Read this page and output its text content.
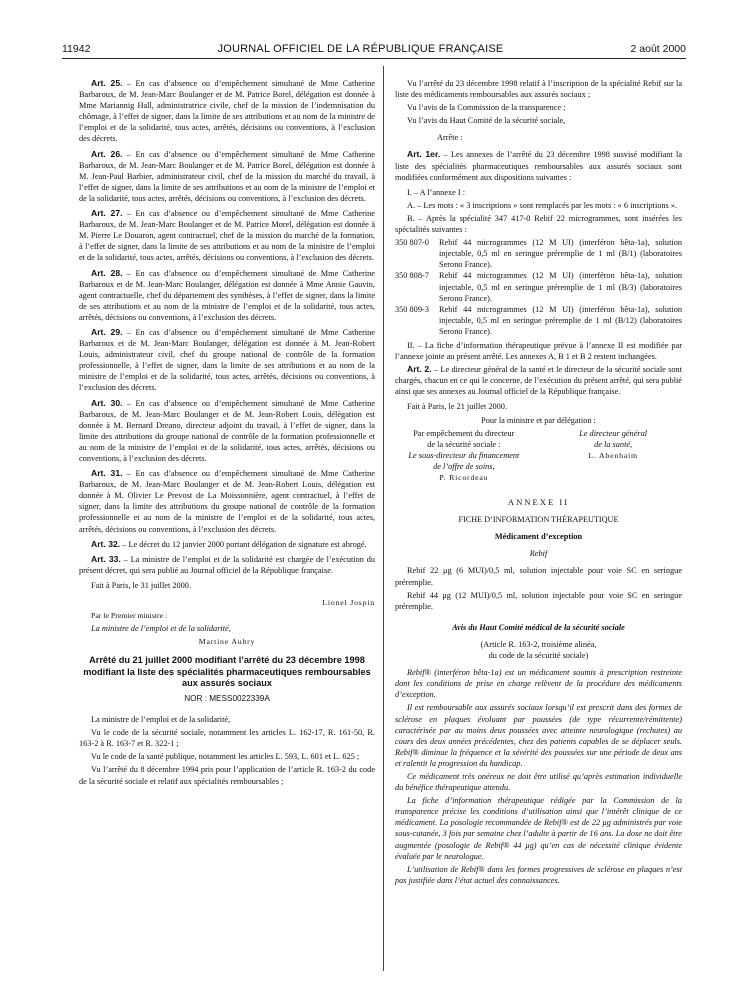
11942	JOURNAL OFFICIEL DE LA RÉPUBLIQUE FRANÇAISE	2 août 2000

Art. 25. – En cas d’absence ou d’empêchement simultané de Mme Catherine Barbaroux, de M. Jean-Marc Boulanger et de M. Patrice Borel, délégation est donnée à Mme Mariannig Hall, administratrice civile, chef de la mission de l’indemnisation du chômage, à l’effet de signer, dans la limite de ses attributions et au nom de la ministre de l’emploi et de la solidarité, tous actes, arrêtés, décisions ou conventions, à l’exclusion des décrets.

Art. 26. – En cas d’absence ou d’empêchement simultané de Mme Catherine Barbaroux, de M. Jean-Marc Boulanger et de M. Patrice Borel, délégation est donnée à M. Jean-Paul Barbier, administrateur civil, chef de la mission du marché du travail, à l’effet de signer, dans la limite de ses attributions et au nom de la ministre de l’emploi et de la solidarité, tous actes, arrêtés, décisions ou conventions, à l’exclusion des décrets.

Art. 27. – En cas d’absence ou d’empêchement simultané de Mme Catherine Barbaroux, de M. Jean-Marc Boulanger et de M. Patrice Morel, délégation est donnée à M. Pierre Le Douaron, agent contractuel, chef de la mission du marché de la formation, à l’effet de signer, dans la limite de ses attributions et au nom de la ministre de l’emploi et de la solidarité, tous actes, arrêtés, décisions ou conventions, à l’exclusion des décrets.

Art. 28. – En cas d’absence ou d’empêchement simultané de Mme Catherine Barbaroux et de M. Jean-Marc Boulanger, délégation est donnée à Mme Annie Gauvin, agent contractuelle, chef du département des synthèses, à l’effet de signer, dans la limite de ses attributions et au nom de la ministre de l’emploi et de la solidarité, tous actes, arrêtés, décisions ou conventions, à l’exclusion des décrets.

Art. 29. – En cas d’absence ou d’empêchement simultané de Mme Catherine Barbaroux et de M. Jean-Marc Boulanger, délégation est donnée à M. Jean-Robert Louis, administrateur civil, chef du groupe national de contrôle de la formation professionnelle, à l’effet de signer, dans la limite de ses attributions et au nom de la ministre de l’emploi et de la solidarité, tous actes, arrêtés, décisions ou conventions, à l’exclusion des décrets.

Art. 30. – En cas d’absence ou d’empêchement simultané de Mme Catherine Barbaroux, de M. Jean-Marc Boulanger et de M. Jean-Robert Louis, délégation est donnée à M. Bernard Dreano, directeur adjoint du travail, à l’effet de signer, dans la limite des attributions du groupe national de contrôle de la formation professionnelle et au nom de la ministre de l’emploi et de la solidarité, tous actes, arrêtés, décisions ou conventions, à l’exclusion des décrets.

Art. 31. – En cas d’absence ou d’empêchement simultané de Mme Catherine Barbaroux, de M. Jean-Marc Boulanger et de M. Jean-Robert Louis, délégation est donnée à M. Olivier Le Prevost de La Moissonnière, agent contractuel, à l’effet de signer, dans la limite des attributions du groupe national de contrôle de la formation professionnelle et au nom de la ministre de l’emploi et de la solidarité, tous actes, arrêtés, décisions ou conventions, à l’exclusion des décrets.

Art. 32. – Le décret du 12 janvier 2000 portant délégation de signature est abrogé.

Art. 33. – La ministre de l’emploi et de la solidarité est chargée de l’exécution du présent décret, qui sera publié au Journal officiel de la République française.

Fait à Paris, le 31 juillet 2000.

Lionel Jospin

Par le Premier ministre :

La ministre de l’emploi et de la solidarité,

Martine Aubry

Arrêté du 21 juillet 2000 modifiant l’arrêté du 23 décembre 1998 modifiant la liste des spécialités pharmaceutiques remboursables aux assurés sociaux
NOR : MESS0022339A

La ministre de l’emploi et de la solidarité,

Vu le code de la sécurité sociale, notamment les articles L. 162-17, R. 161-50, R. 163-2 à R. 163-7 et R. 322-1 ;

Vu le code de la santé publique, notamment les articles L. 593, L. 601 et L. 625 ;

Vu l’arrêté du 8 décembre 1994 pris pour l’application de l’article R. 163-2 du code de la sécurité sociale et relatif aux spécialités remboursables ;

Vu l’arrêté du 23 décembre 1998 relatif à l’inscription de la spécialité Rebif sur la liste des médicaments remboursables aux assurés sociaux ;

Vu l’avis de la Commission de la transparence ;

Vu l’avis du Haut Comité de la sécurité sociale,

Arrête :

Art. 1er. – Les annexes de l’arrêté du 23 décembre 1998 susvisé modifiant la liste des spécialités pharmaceutiques remboursables aux assurés sociaux sont modifiées conformément aux dispositions suivantes :

I. – A l’annexe I :

A. – Les mots : « 3 inscriptions » sont remplacés par les mots : « 6 inscriptions ».

B. – Après la spécialité 347 417-0 Rebif 22 microgrammes, sont insérées les spécialités suivantes :

350 807-0	Rebif 44 microgrammes (12 M UI) (interféron bêta-1a), solution injectable, 0,5 ml en seringue préremplie de 1 ml (B/1) (laboratoires Serono France).
350 808-7	Rebif 44 microgrammes (12 M UI) (interféron bêta-1a), solution injectable, 0,5 ml en seringue préremplie de 1 ml (B/3) (laboratoires Serono France).
350 809-3	Rebif 44 microgrammes (12 M UI) (interféron bêta-1a), solution injectable, 0,5 ml en seringue préremplie de 1 ml (B/12) (laboratoires Serono France).

II. – La fiche d’information thérapeutique prévue à l’annexe II est modifiée par l’annexe jointe au présent arrêté. Les annexes A, B 1 et B 2 restent inchangées.

Art. 2. – Le directeur général de la santé et le directeur de la sécurité sociale sont chargés, chacun en ce qui le concerne, de l’exécution du présent arrêté, qui sera publié ainsi que ses annexes au Journal officiel de la République française.

Fait à Paris, le 21 juillet 2000.

Pour la ministre et par délégation :

Par empêchement du directeur
de la sécurité sociale :
Le sous-directeur du financement
de l’offre de soins,
P. Ricordeau
Le directeur général
de la santé,
L. Abenhaim
ANNEXE II
FICHE D’INFORMATION THÉRAPEUTIQUE
Médicament d’exception
Rebif

Rebif 22 μg (6 MUI)/0,5 ml, solution injectable pour voie SC en seringue préremplie.

Rebif 44 μg (12 MUI)/0,5 ml, solution injectable pour voie SC en seringue préremplie.

Avis du Haut Comité médical de la sécurité sociale
(Article R. 163-2, troisième alinéa,
du code de la sécurité sociale)

Rebif® (interféron bêta-1a) est un médicament soumis à prescription restreinte dont les conditions de prise en charge relèvent de la procédure des médicaments d’exception.

Il est remboursable aux assurés sociaux lorsqu’il est prescrit dans des formes de sclérose en plaques évoluant par poussées (de type récurrente/rémittente) caractérisée par au moins deux poussées avec atteinte neurologique (rechutes) au cours des deux années précédentes, chez des patients capables de se déplacer seuls. Rebif® diminue la fréquence et la sévérité des poussées sur une période de deux ans et ralentit la progression du handicap.

Ce médicament très onéreux ne doit être utilisé qu’après estimation individuelle du bénéfice thérapeutique attendu.

La fiche d’information thérapeutique rédigée par la Commission de la transparence précise les conditions d’utilisation ainsi que l’intérêt clinique de ce médicament. La posologie recommandée de Rebif® est de 22 μg administrés par voie sous-cutanée, 3 fois par semaine chez l’adulte à partir de 16 ans. La dose ne doit être augmentée (posologie de Rebif® 44 μg) qu’en cas de nécessité clinique évidente évaluée par le neurologue.

L’utilisation de Rebif® dans les formes progressives de sclérose en plaques n’est pas justifiée dans l’état actuel des connaissances.
